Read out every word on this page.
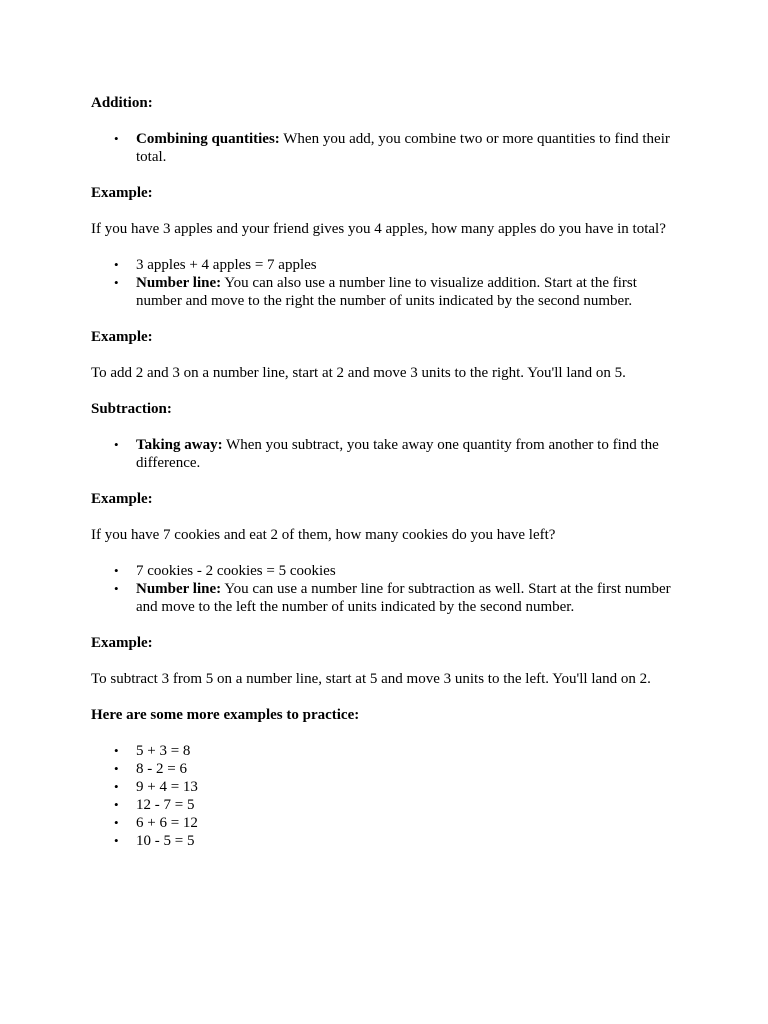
Addition:

• Combining quantities: When you add, you combine two or more quantities to find their total.

Example:

If you have 3 apples and your friend gives you 4 apples, how many apples do you have in total?

• 3 apples + 4 apples = 7 apples
• Number line: You can also use a number line to visualize addition. Start at the first number and move to the right the number of units indicated by the second number.

Example:

To add 2 and 3 on a number line, start at 2 and move 3 units to the right. You'll land on 5.

Subtraction:

• Taking away: When you subtract, you take away one quantity from another to find the difference.

Example:

If you have 7 cookies and eat 2 of them, how many cookies do you have left?

• 7 cookies - 2 cookies = 5 cookies
• Number line: You can use a number line for subtraction as well. Start at the first number and move to the left the number of units indicated by the second number.

Example:

To subtract 3 from 5 on a number line, start at 5 and move 3 units to the left. You'll land on 2.

Here are some more examples to practice:

• 5 + 3 = 8
• 8 - 2 = 6
• 9 + 4 = 13
• 12 - 7 = 5
• 6 + 6 = 12
• 10 - 5 = 5
